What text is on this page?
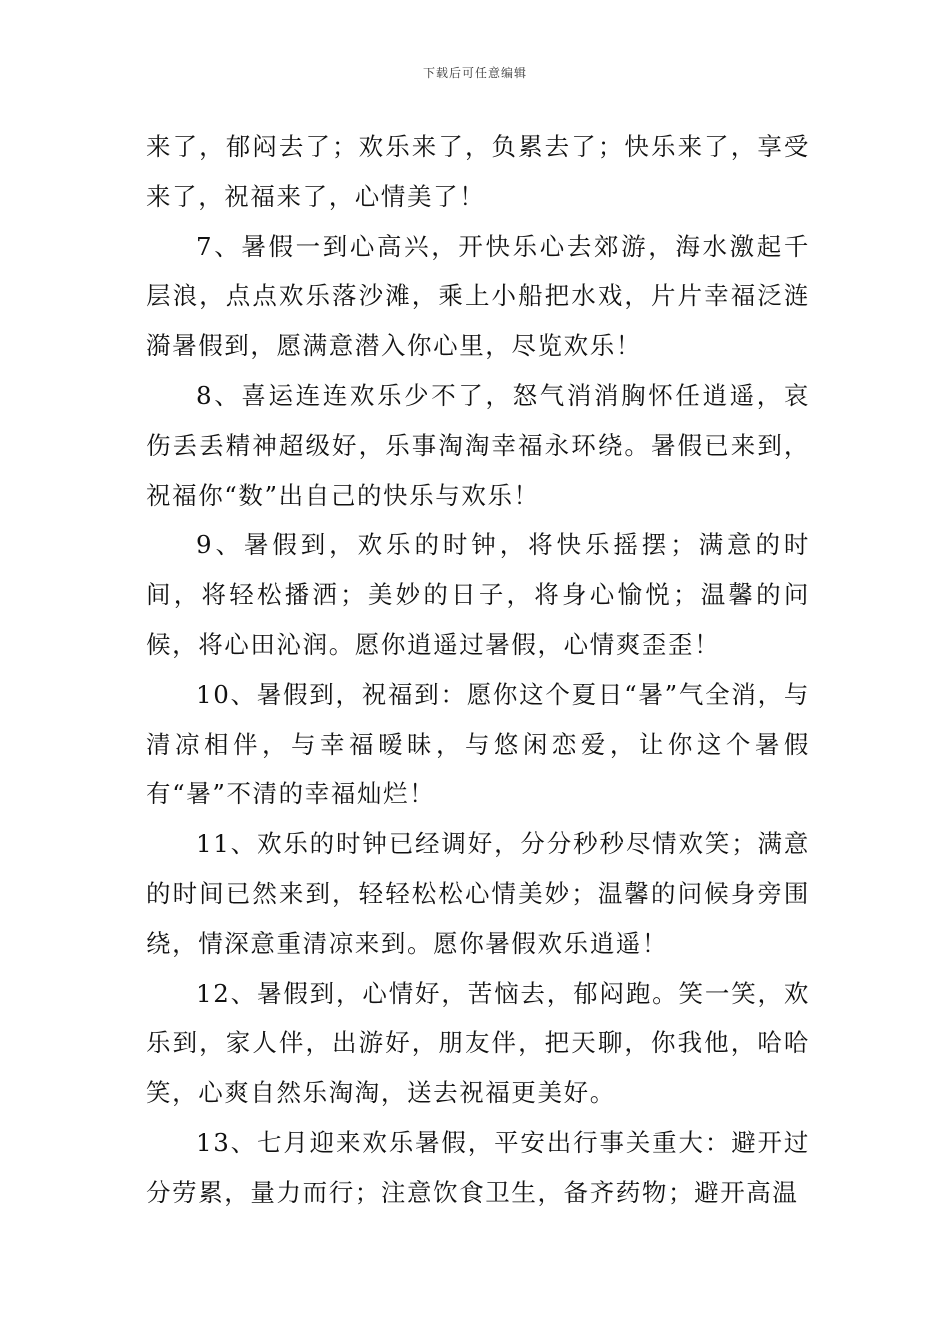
下载后可任意编辑

来了，郁闷去了；欢乐来了，负累去了；快乐来了，享受来了，祝福来了，心情美了！

7、暑假一到心高兴，开快乐心去郊游，海水激起千层浪，点点欢乐落沙滩，乘上小船把水戏，片片幸福泛涟漪暑假到，愿满意潜入你心里，尽览欢乐！

8、喜运连连欢乐少不了，怒气消消胸怀任逍遥，哀伤丢丢精神超级好，乐事淘淘幸福永环绕。暑假已来到，祝福你“数”出自己的快乐与欢乐！

9、暑假到，欢乐的时钟，将快乐摇摆；满意的时间，将轻松播洒；美妙的日子，将身心愉悦；温馨的问候，将心田沁润。愿你逍遥过暑假，心情爽歪歪！

10、暑假到，祝福到：愿你这个夏日“暑”气全消，与清凉相伴，与幸福暧昧，与悠闲恋爱，让你这个暑假有“暑”不清的幸福灿烂！

11、欢乐的时钟已经调好，分分秒秒尽情欢笑；满意的时间已然来到，轻轻松松心情美妙；温馨的问候身旁围绕，情深意重清凉来到。愿你暑假欢乐逍遥！

12、暑假到，心情好，苦恼去，郁闷跑。笑一笑，欢乐到，家人伴，出游好，朋友伴，把天聊，你我他，哈哈笑，心爽自然乐淘淘，送去祝福更美好。

13、七月迎来欢乐暑假，平安出行事关重大：避开过分劳累，量力而行；注意饮食卫生，备齐药物；避开高温
